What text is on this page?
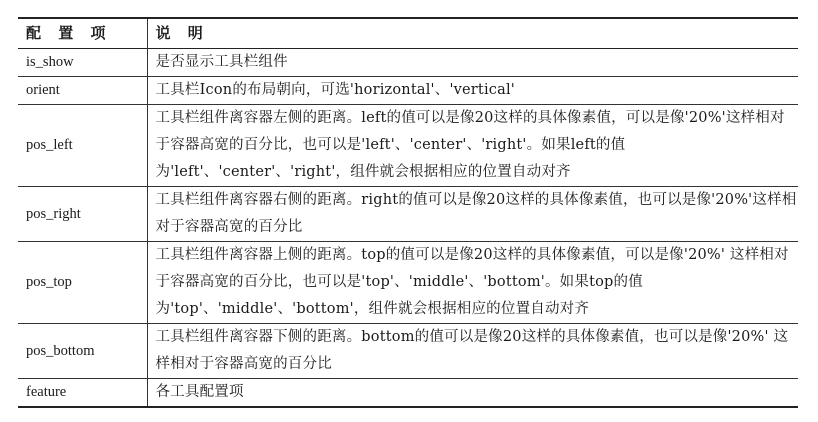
配 置 项	说 明
is_show	是否显示工具栏组件
orient	工具栏Icon的布局朝向，可选'horizontal'、'vertical'
pos_left	工具栏组件离容器左侧的距离。left的值可以是像20这样的具体像素值，可以是像'20%'这样相对于容器高宽的百分比，也可以是'left'、'center'、'right'。如果left的值为'left'、'center'、'right'，组件就会根据相应的位置自动对齐
pos_right	工具栏组件离容器右侧的距离。right的值可以是像20这样的具体像素值，也可以是像'20%'这样相对于容器高宽的百分比
pos_top	工具栏组件离容器上侧的距离。top的值可以是像20这样的具体像素值，可以是像'20%' 这样相对于容器高宽的百分比，也可以是'top'、'middle'、'bottom'。如果top的值为'top'、'middle'、'bottom'，组件就会根据相应的位置自动对齐
pos_bottom	工具栏组件离容器下侧的距离。bottom的值可以是像20这样的具体像素值，也可以是像'20%' 这样相对于容器高宽的百分比
feature	各工具配置项
